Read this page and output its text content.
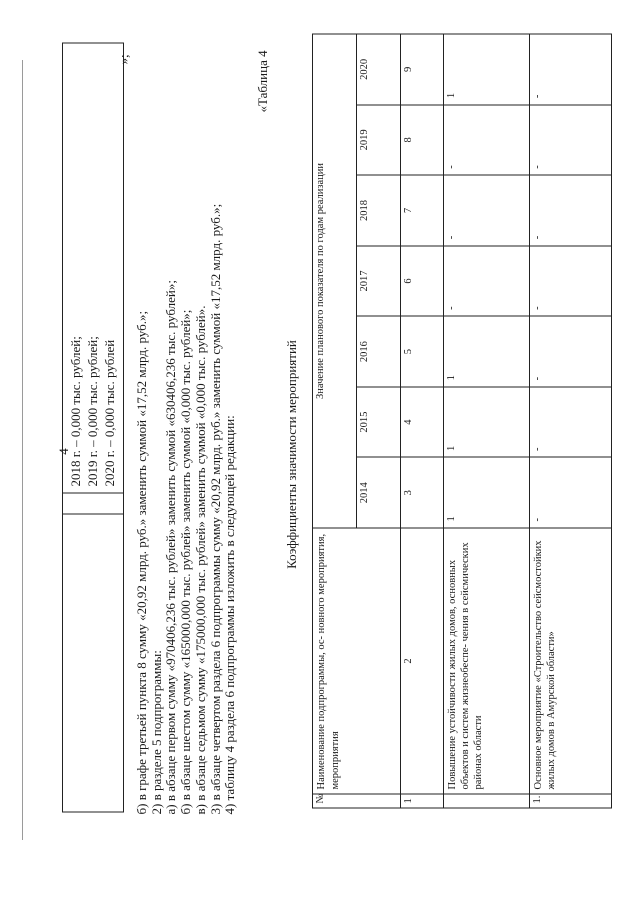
4
2018 г. – 0,000 тыс. рублей; 2019 г. – 0,000 тыс. рублей; 2020 г. – 0,000 тыс. рублей
»;
б) в графе третьей пункта 8 сумму «20,92 млрд. руб.» заменить суммой «17,52 млрд. руб.»; 2) в разделе 5 подпрограммы: а) в абзаце первом сумму «970406,236 тыс. рублей» заменить суммой «630406,236 тыс. рублей»; б) в абзаце шестом сумму «165000,000 тыс. рублей» заменить суммой «0,000 тыс. рублей»; в) в абзаце седьмом сумму «175000,000 тыс. рублей» заменить суммой «0,000 тыс. рублей». 3) в абзаце четвертом раздела 6 подпрограммы сумму «20,92 млрд. руб.» заменить суммой «17,52 млрд. руб.»; 4) таблицу 4 раздела 6 подпрограммы изложить в следующей редакции:
«Таблица 4
Коэффициенты значимости мероприятий
№	Наименование подпрограммы, ос- новного мероприятия, мероприятия	Значение планового показателя по годам реализации						
		2014	2015	2016	2017	2018	2019	2020
1	2	3	4	5	6	7	8	9
	Повышение устойчивости жилых домов, основных объектов и систем жизнеобеспе- чения в сейсмических районах области	1	1	1	-	-	-	1
1.	Основное мероприятие «Строительство сейсмостойких жилых домов в Амурской области»	-	-	-	-	-	-	-
